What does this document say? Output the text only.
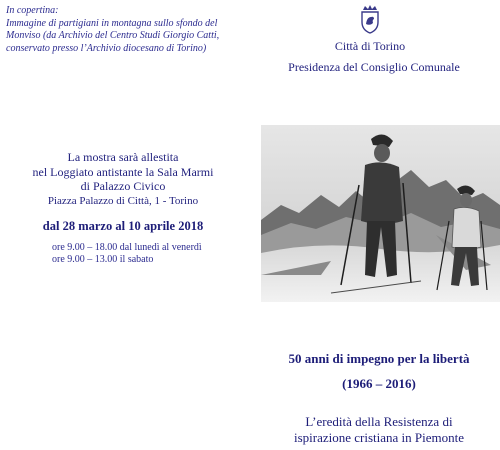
In copertina:
Immagine di partigiani in montagna sullo sfondo del
Monviso (da Archivio del Centro Studi Giorgio Catti,
conservato presso l’Archivio diocesano di Torino)	Città di Torino
Presidenza del Consiglio Comunale
La mostra sarà allestita
nel Loggiato antistante la Sala Marmi
di Palazzo Civico
Piazza Palazzo di Città, 1 - Torino
dal 28 marzo al 10 aprile 2018
ore 9.00 – 18.00 dal lunedì al venerdì
ore 9.00 – 13.00 il sabato
50 anni di impegno per la libertà
(1966 – 2016)
L’eredità della Resistenza di
ispirazione cristiana in Piemonte
